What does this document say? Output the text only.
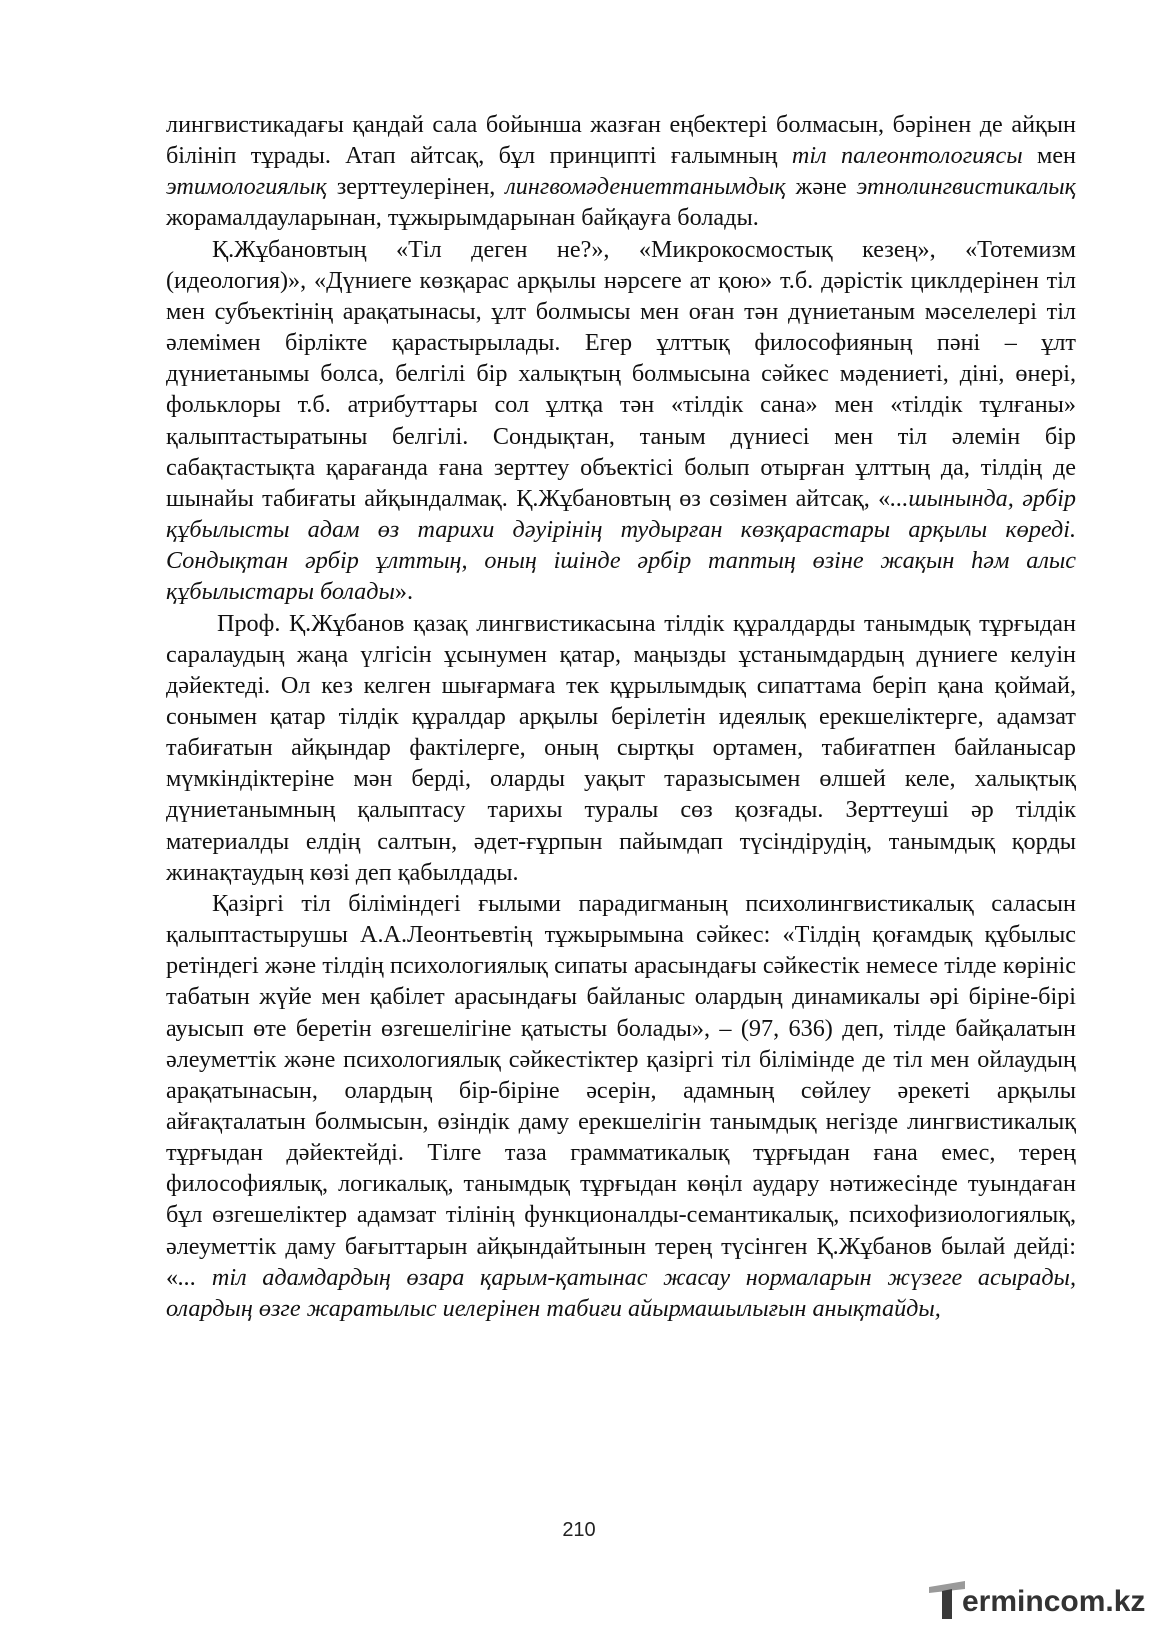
лингвистикадағы қандай сала бойынша жазған еңбектері болмасын, бәрінен де айқын білініп тұрады. Атап айтсақ, бұл принципті ғалымның тіл палеонтологиясы мен этимологиялық зерттеулерінен, лингвомәдениеттанымдық және этнолингвистикалық жорамалдауларынан, тұжырымдарынан байқауға болады.

Қ.Жұбановтың «Тіл деген не?», «Микрокосмостық кезең», «Тотемизм (идеология)», «Дүниеге көзқарас арқылы нәрсеге ат қою» т.б. дәрістік циклдерінен тіл мен субъектінің арақатынасы, ұлт болмысы мен оған тән дүниетаным мәселелері тіл әлемімен бірлікте қарастырылады. Егер ұлттық философияның пәні – ұлт дүниетанымы болса, белгілі бір халықтың болмысына сәйкес мәдениеті, діні, өнері, фольклоры т.б. атрибуттары сол ұлтқа тән «тілдік сана» мен «тілдік тұлғаны» қалыптастыратыны белгілі. Сондықтан, таным дүниесі мен тіл әлемін бір сабақтастықта қарағанда ғана зерттеу объектісі болып отырған ұлттың да, тілдің де шынайы табиғаты айқындалмақ. Қ.Жұбановтың өз сөзімен айтсақ, «...шынында, әрбір құбылысты адам өз тарихи дәуірінің тудырған көзқарастары арқылы көреді. Сондықтан әрбір ұлттың, оның ішінде әрбір таптың өзіне жақын һәм алыс құбылыстары болады».

Проф. Қ.Жұбанов қазақ лингвистикасына тілдік құралдарды танымдық тұрғыдан саралаудың жаңа үлгісін ұсынумен қатар, маңызды ұстанымдардың дүниеге келуін дәйектеді. Ол кез келген шығармаға тек құрылымдық сипаттама беріп қана қоймай, сонымен қатар тілдік құралдар арқылы берілетін идеялық ерекшеліктерге, адамзат табиғатын айқындар фактілерге, оның сыртқы ортамен, табиғатпен байланысар мүмкіндіктеріне мән берді, оларды уақыт таразысымен өлшей келе, халықтық дүниетанымның қалыптасу тарихы туралы сөз қозғады. Зерттеуші әр тілдік материалды елдің салтын, әдет-ғұрпын пайымдап түсіндірудің, танымдық қорды жинақтаудың көзі деп қабылдады.

Қазіргі тіл біліміндегі ғылыми парадигманың психолингвистикалық саласын қалыптастырушы А.А.Леонтьевтің тұжырымына сәйкес: «Тілдің қоғамдық құбылыс ретіндегі және тілдің психологиялық сипаты арасындағы сәйкестік немесе тілде көрініс табатын жүйе мен қабілет арасындағы байланыс олардың динамикалы әрі біріне-бірі ауысып өте беретін өзгешелігіне қатысты болады», – (97, 636) деп, тілде байқалатын әлеуметтік және психологиялық сәйкестіктер қазіргі тіл білімінде де тіл мен ойлаудың арақатынасын, олардың бір-біріне әсерін, адамның сөйлеу әрекеті арқылы айғақталатын болмысын, өзіндік даму ерекшелігін танымдық негізде лингвистикалық тұрғыдан дәйектейді. Тілге таза грамматикалық тұрғыдан ғана емес, терең философиялық, логикалық, танымдық тұрғыдан көңіл аудару нәтижесінде туындаған бұл өзгешеліктер адамзат тілінің функционалды-семантикалық, психофизиологиялық, әлеуметтік даму бағыттарын айқындайтынын терең түсінген Қ.Жұбанов былай дейді: «... тіл адамдардың өзара қарым-қатынас жасау нормаларын жүзеге асырады, олардың өзге жаратылыс иелерінен табиғи айырмашылығын анықтайды,

210
ermincom.kz
